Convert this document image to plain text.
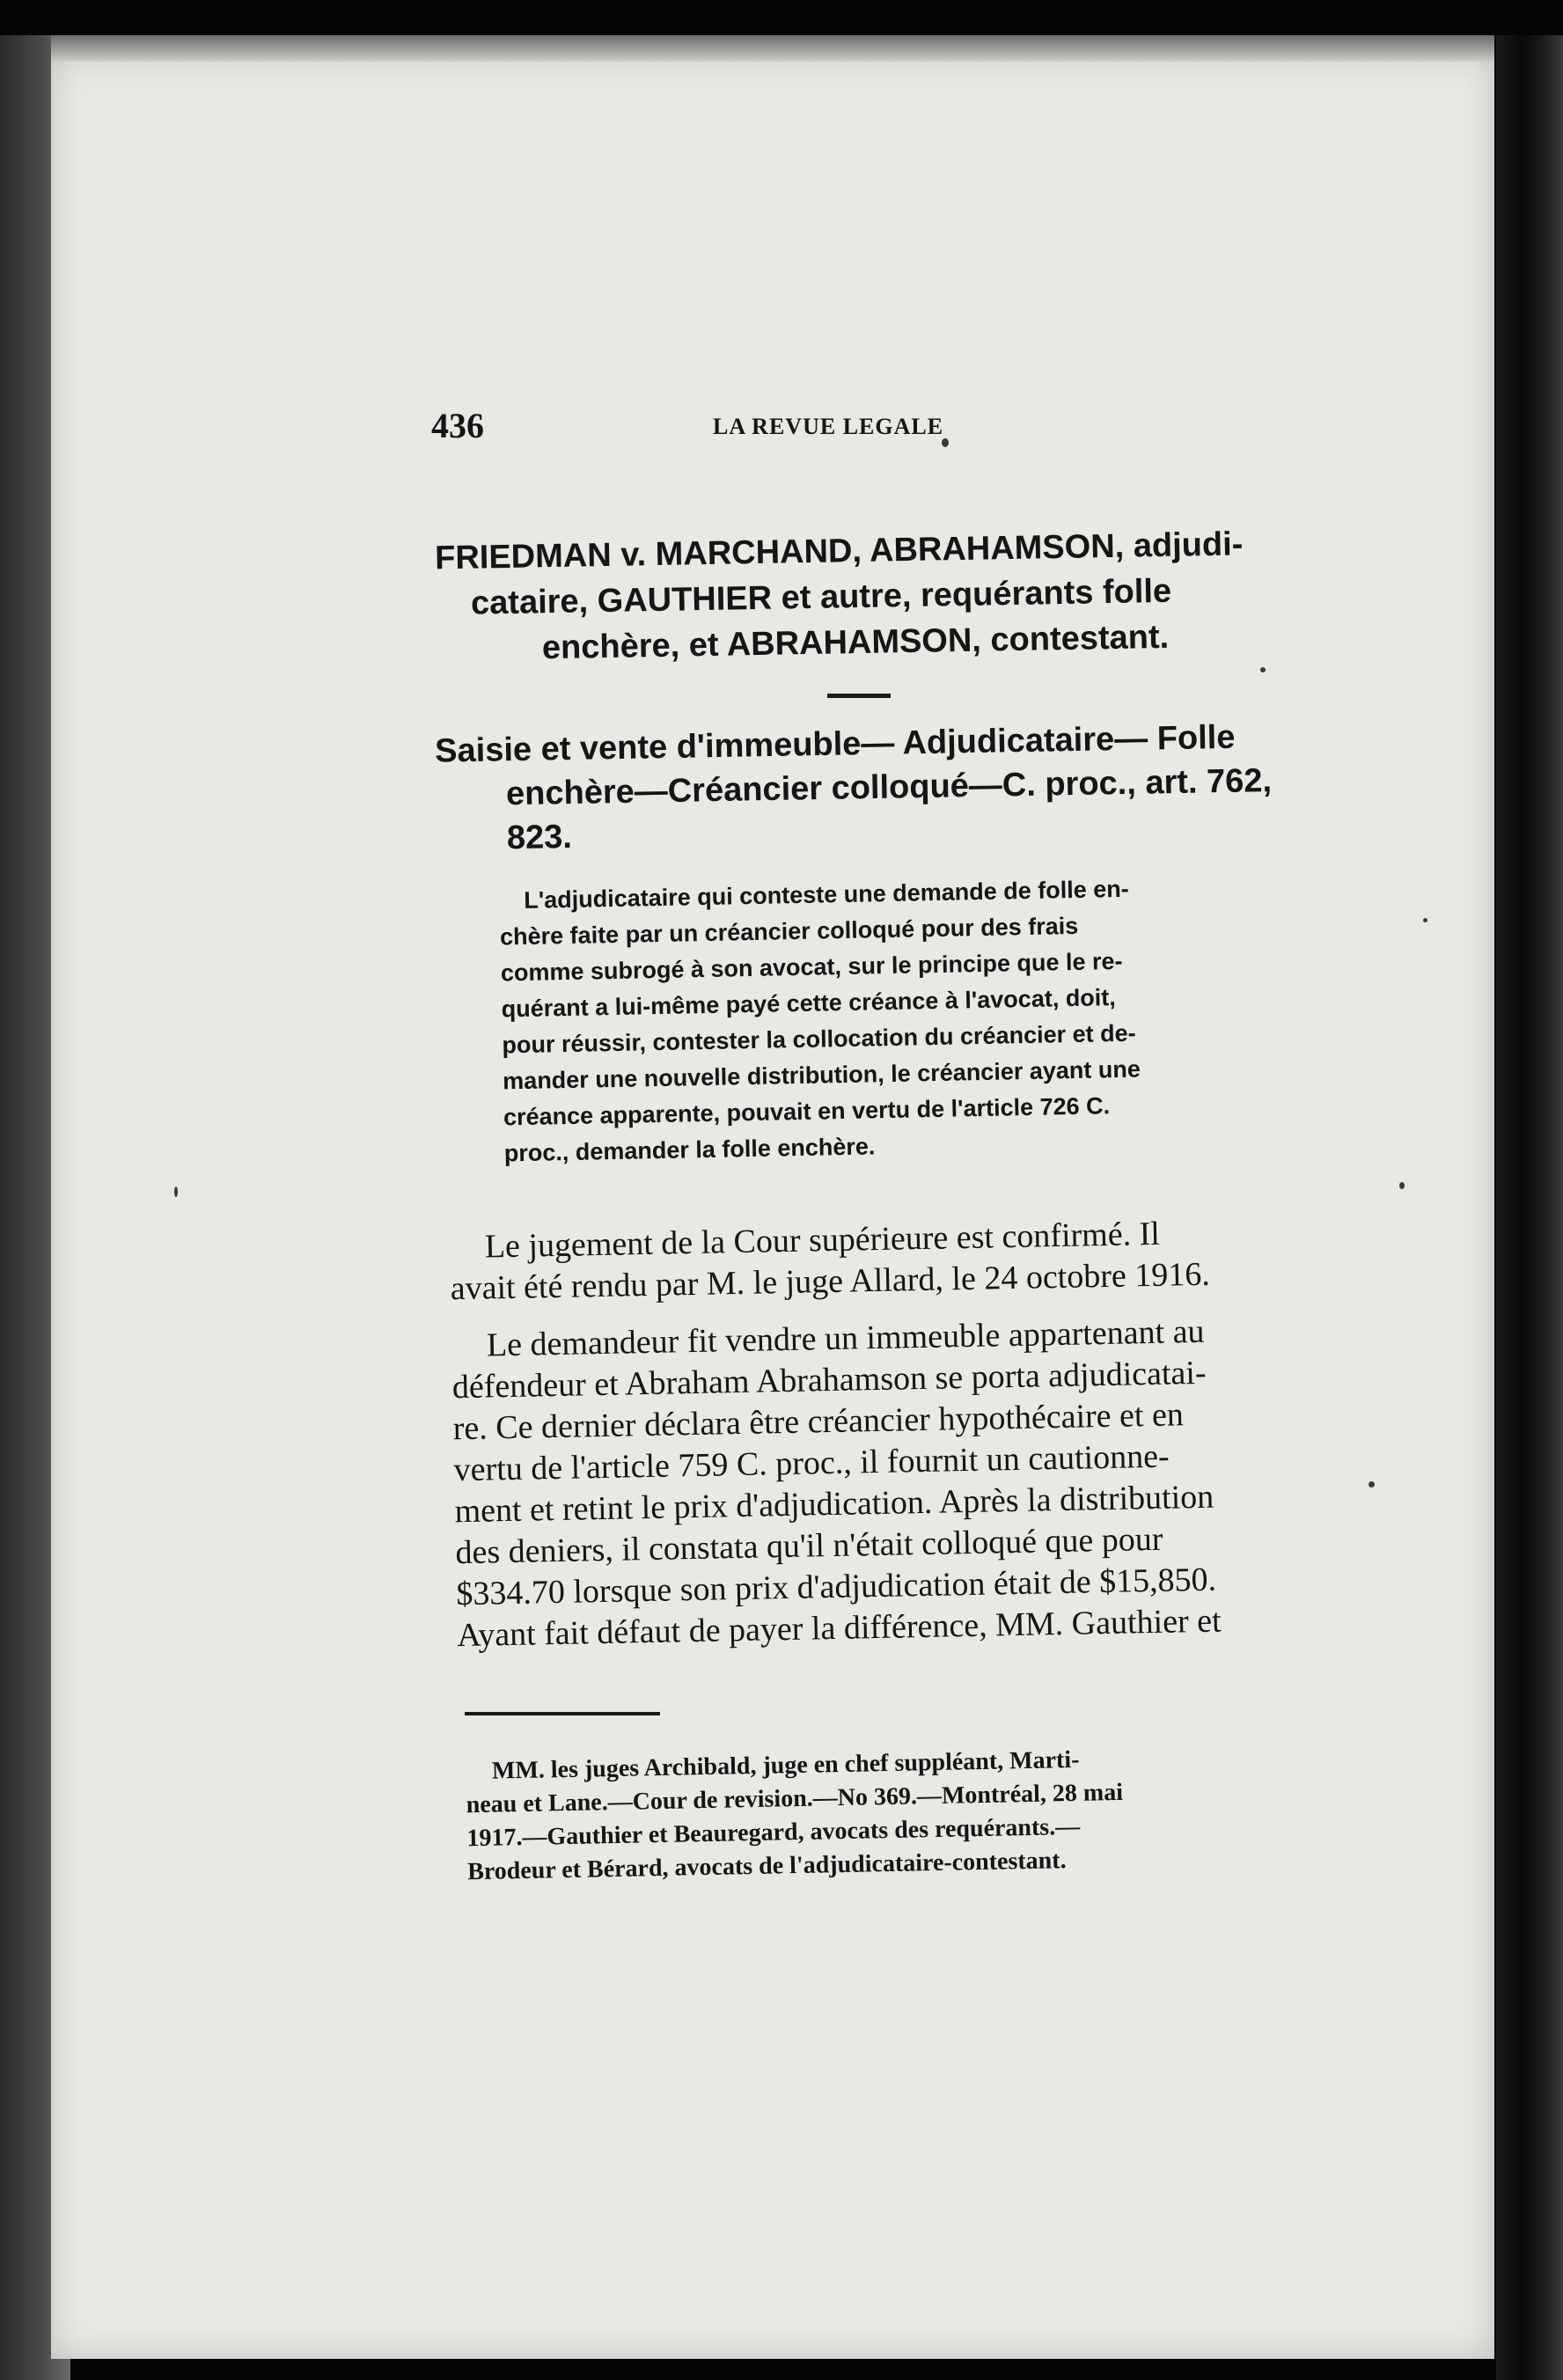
436	LA REVUE LEGALE
FRIEDMAN v. MARCHAND, ABRAHAMSON, adjudi-
cataire, GAUTHIER et autre, requérants folle
enchère, et ABRAHAMSON, contestant.
Saisie et vente d'immeuble— Adjudicataire— Folle
enchère—Créancier colloqué—C. proc., art. 762,
823.
L'adjudicataire qui conteste une demande de folle en-
chère faite par un créancier colloqué pour des frais
comme subrogé à son avocat, sur le principe que le re-
quérant a lui-même payé cette créance à l'avocat, doit,
pour réussir, contester la collocation du créancier et de-
mander une nouvelle distribution, le créancier ayant une
créance apparente, pouvait en vertu de l'article 726 C.
proc., demander la folle enchère.
Le jugement de la Cour supérieure est confirmé. Il
avait été rendu par M. le juge Allard, le 24 octobre 1916.
Le demandeur fit vendre un immeuble appartenant au
défendeur et Abraham Abrahamson se porta adjudicatai-
re. Ce dernier déclara être créancier hypothécaire et en
vertu de l'article 759 C. proc., il fournit un cautionne-
ment et retint le prix d'adjudication. Après la distribution
des deniers, il constata qu'il n'était colloqué que pour
$334.70 lorsque son prix d'adjudication était de $15,850.
Ayant fait défaut de payer la différence, MM. Gauthier et
MM. les juges Archibald, juge en chef suppléant, Marti-
neau et Lane.—Cour de revision.—No 369.—Montréal, 28 mai
1917.—Gauthier et Beauregard, avocats des requérants.—
Brodeur et Bérard, avocats de l'adjudicataire-contestant.
